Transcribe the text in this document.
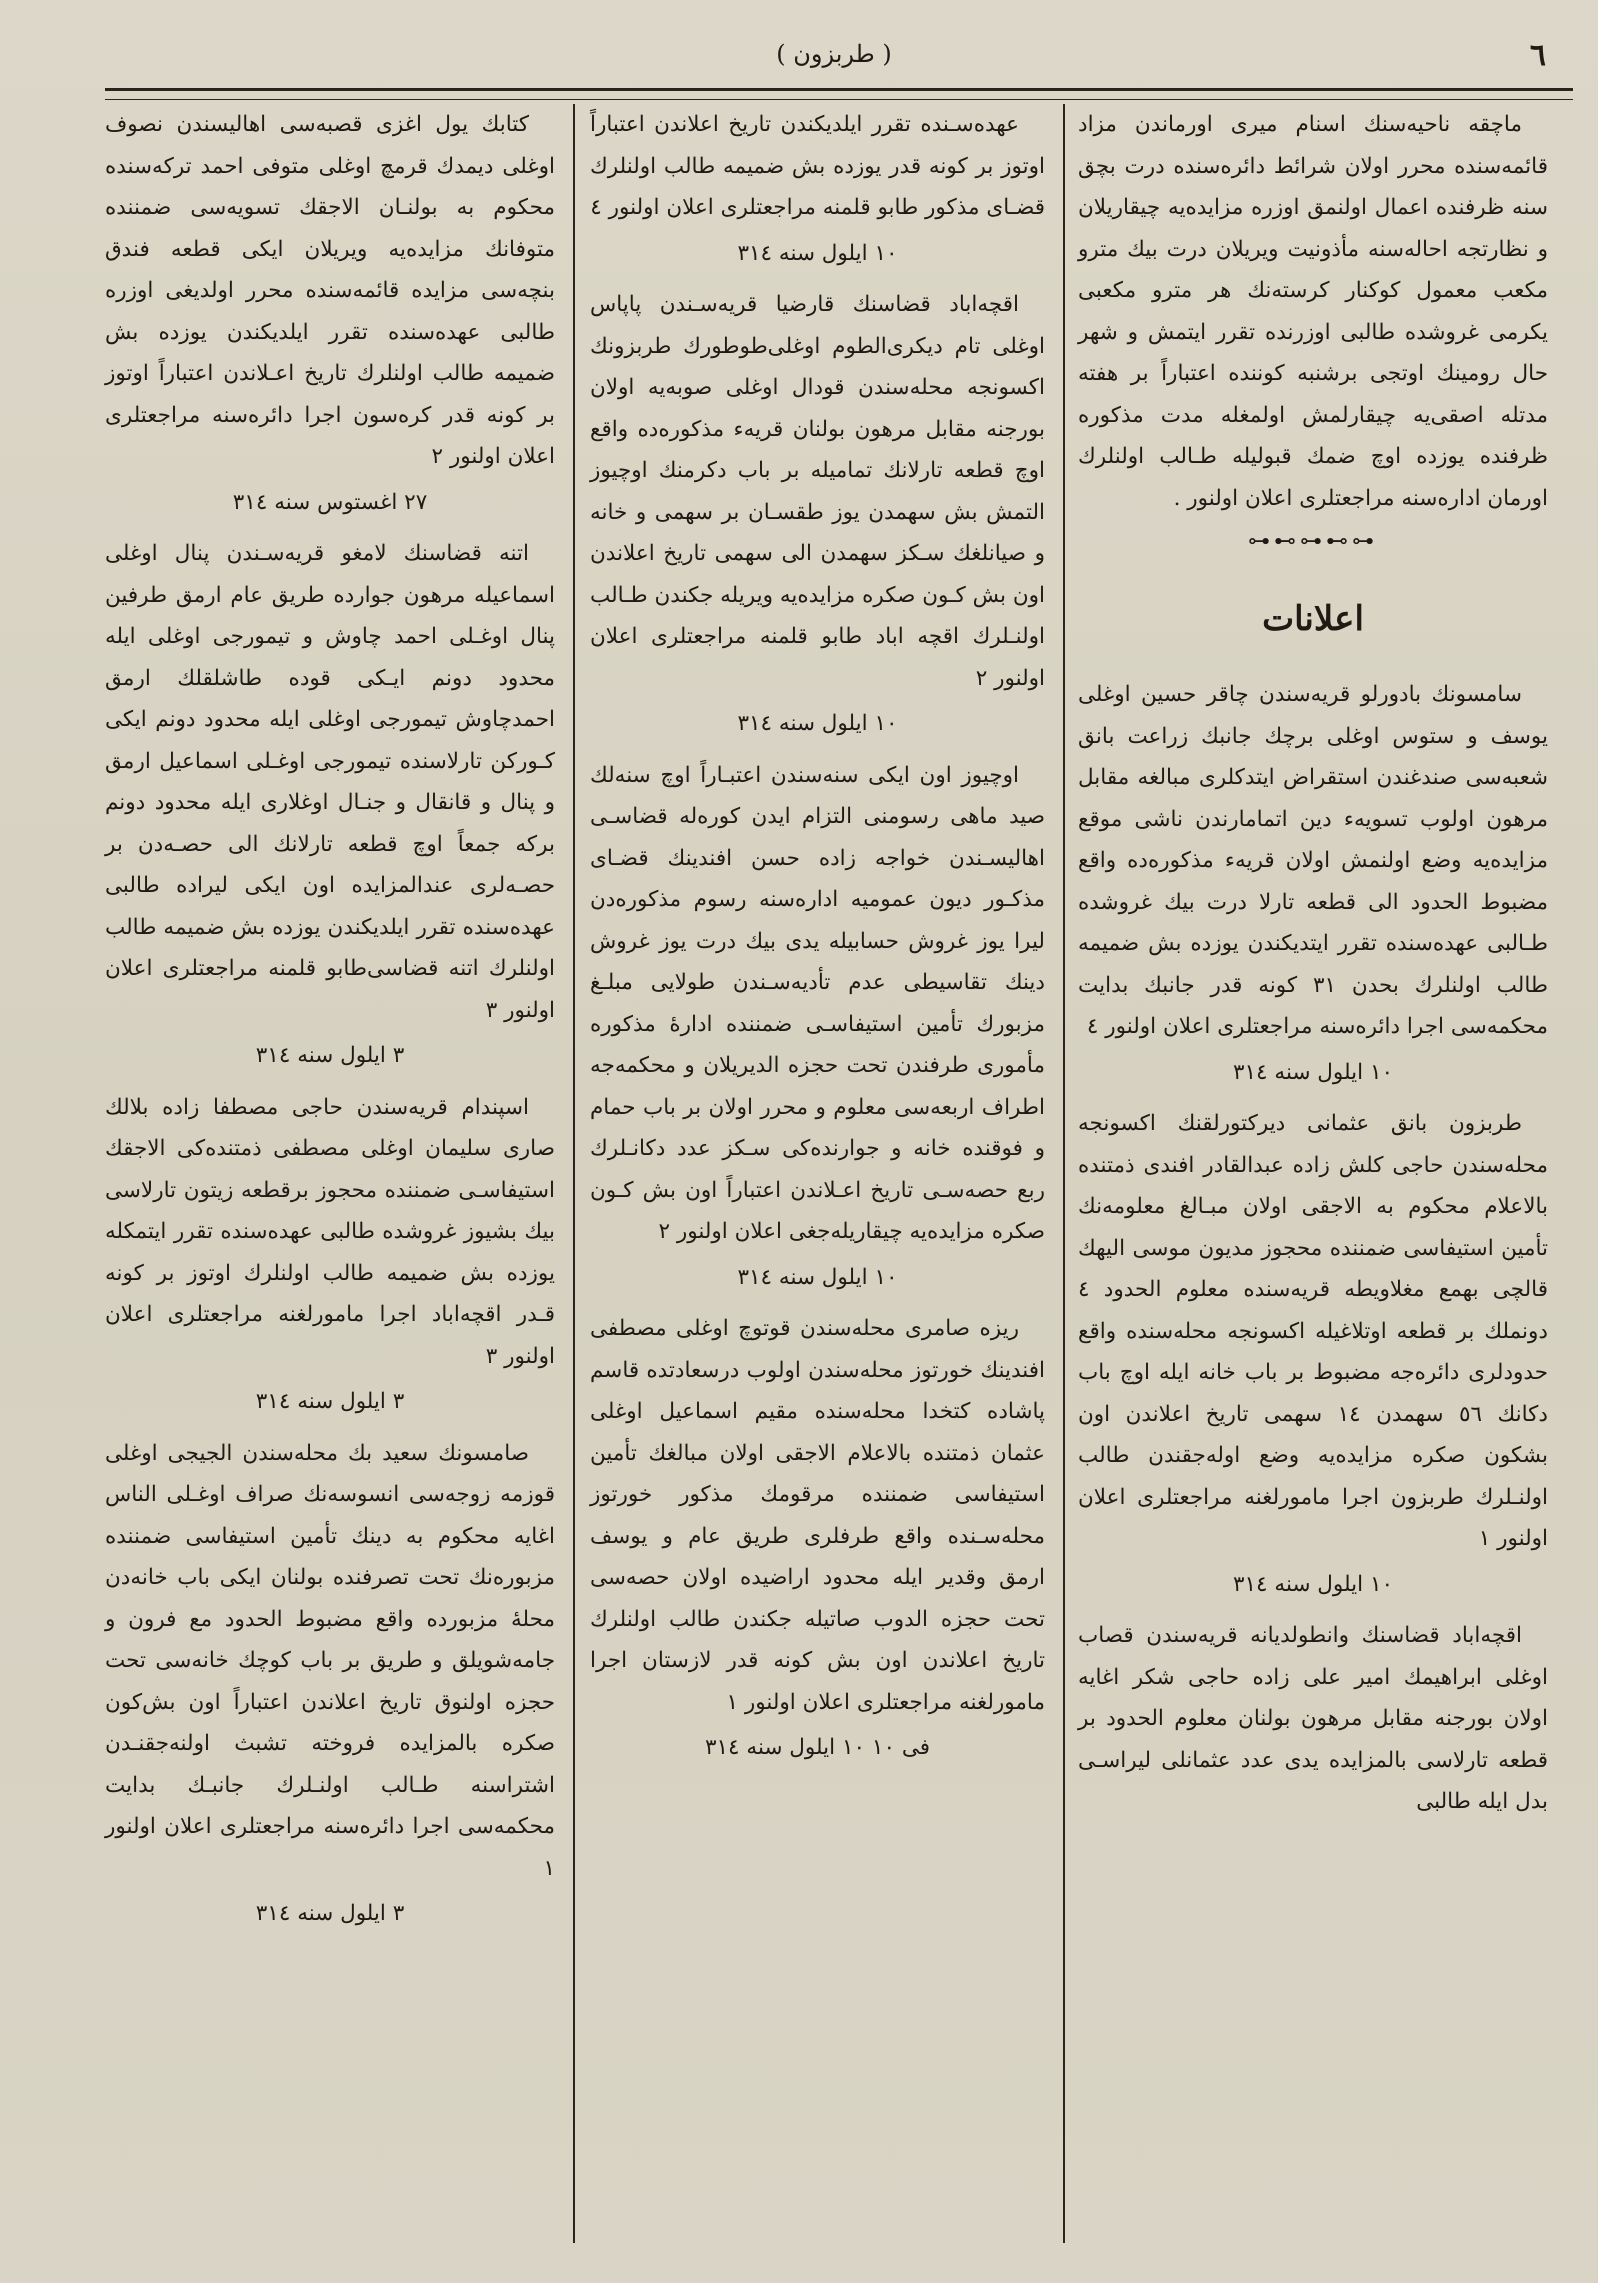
( طربزون )	٦

ماچقه ناحیه‌سنك اسنام میری اورماندن مزاد قائمه‌سنده محرر اولان شرائط دائره‌سنده درت بچق سنه ظرفنده اعمال اولنمق اوزره مزایده‌یه چیقاریلان و نظارتجه احاله‌سنه مأذونیت ویریلان درت بیك مترو مكعب معمول كوكنار كرسته‌نك هر مترو مكعبی یكرمی غروشده طالبی اوزرنده تقرر ایتمش و شهر حال رومینك اوتجی برشنبه كوننده اعتباراً بر هفته مدتله اصقی‌یه چیقارلمش اولمغله مدت مذكوره ظرفنده یوزده اوچ ضمك قبولیله طـالب اولنلرك اورمان اداره‌سنه مراجعتلری اعلان اولنور .

⊷⊶⊷⊶⊷

اعلانات

سامسونك بادورلو قریه‌سندن چاقر حسین اوغلی یوسف و ستوس اوغلی برچك جانبك زراعت بانق شعبه‌سی صندغندن استقراض ایتدكلری مبالغه مقابل مرهون اولوب تسویه‌ء دین اتمامارندن ناشی موقع مزایده‌یه وضع اولنمش اولان قریه‌ء مذكوره‌ده واقع مضبوط الحدود الی قطعه تارلا درت بیك غروشده طـالبی عهده‌سنده تقرر ایتدیكندن یوزده بش ضمیمه طالب اولنلرك بحدن ۳۱ كونه قدر جانبك بدایت محكمه‌سی اجرا دائره‌سنه مراجعتلری اعلان اولنور ٤

١٠ ایلول سنه ٣١٤

طربزون بانق عثمانی دیركتورلقنك اكسونجه محله‌سندن حاجی كلش زاده عبدالقادر افندی ذمتنده بالاعلام محكوم به الاجقی اولان مبـالغ معلومه‌نك تأمین استیفاسی ضمننده محجوز مدیون موسی الیهك قالچی بهمع مغلاویطه قریه‌سنده معلوم الحدود ٤ دونملك بر قطعه اوتلاغیله اكسونجه محله‌سنده واقع حدودلری دائره‌جه مضبوط بر باب خانه ایله اوچ باب دكانك ٥٦ سهمدن ١٤ سهمی تاریخ اعلاندن اون بشكون صكره مزایده‌یه وضع اوله‌جقندن طالب اولنـلرك طربزون اجرا مامورلغنه مراجعتلری اعلان اولنور ١

١٠ ایلول سنه ٣١٤

اقچه‌اباد قضاسنك وانطولدیانه قریه‌سندن قصاب اوغلی ابراهیمك امیر علی زاده حاجی شكر اغایه اولان بورجنه مقابل مرهون بولنان معلوم الحدود بر قطعه تارلاسی بالمزایده یدی عدد عثمانلی لیراسـی بدل ایله طالبی

عهده‌سـنده تقرر ایلدیكندن تاریخ اعلاندن اعتباراً اوتوز بر كونه قدر یوزده بش ضمیمه طالب اولنلرك قضـای مذكور طابو قلمنه مراجعتلری اعلان اولنور ٤

١٠ ایلول سنه ٣١٤

اقچه‌اباد قضاسنك قارضیا قریه‌سـندن پاپاس اوغلی تام دیكری‌الطوم اوغلی‌طوطورك طربزونك اكسونجه محله‌سندن قودال اوغلی صوبه‌یه اولان بورجنه مقابل مرهون بولنان قریه‌ء مذكوره‌ده واقع اوچ قطعه تارلانك تمامیله بر باب دكرمنك اوچیوز التمش بش سهمدن یوز طقسـان بر سهمی و خانه و صیانلغك سـكز سهمدن الی سهمی تاریخ اعلاندن اون بش كـون صكره مزایده‌یه ویریله جكندن طـالب اولنـلرك اقچه اباد طابو قلمنه مراجعتلری اعلان اولنور ٢

١٠ ایلول سنه ٣١٤

اوچیوز اون ایكی سنه‌سندن اعتبـاراً اوچ سنه‌لك صید ماهی رسومنی التزام ایدن كوره‌له قضاسـی اهالیسـندن خواجه زاده حسن افندینك قضـای مذكـور دیون عمومیه اداره‌سنه رسوم مذكوره‌دن لیرا یوز غروش حسابیله یدی بیك درت یوز غروش دینك تقاسیطی عدم تأدیه‌سـندن طولایی مبلـغ مزبورك تأمین استیفاسـی ضمننده ادارهٔ مذكوره مأموری طرفندن تحت حجزه الدیریلان و محكمه‌جه اطراف اربعه‌سی معلوم و محرر اولان بر باب حمام و فوقنده خانه و جوارنده‌كی سـكز عدد دكانـلرك ربع حصه‌سـی تاریخ اعـلاندن اعتباراً اون بش كـون صكره مزایده‌یه چیقاریله‌جغی اعلان اولنور ٢

١٠ ایلول سنه ٣١٤

ریزه صامری محله‌سندن قوتوچ اوغلی مصطفی افندینك خورتوز محله‌سندن اولوب درسعادتده قاسم پاشاده كتخدا محله‌سنده مقیم اسماعیل اوغلی عثمان ذمتنده بالاعلام الاجقی اولان مبالغك تأمین استیفاسی ضمننده مرقومك مذكور خورتوز محله‌سـنده واقع طرفلری طریق عام و یوسف ارمق وقدیر ایله محدود اراضیده اولان حصه‌سی تحت حجزه الدوب صاتیله جكندن طالب اولنلرك تاریخ اعلاندن اون بش كونه قدر لازستان اجرا مامورلغنه مراجعتلری اعلان اولنور ١

فی ١٠ ١٠ ایلول سنه ٣١٤

كتابك یول اغزی قصبه‌سی اهالیسندن نصوف اوغلی دیمدك قرمچ اوغلی متوفی احمد تركه‌سنده محكوم به بولنـان الاجقك تسویه‌سی ضمننده متوفانك مزایده‌یه ویریلان ایكی قطعه فندق بنچه‌سی مزایده قائمه‌سنده محرر اولدیغی اوزره طالبی عهده‌سنده تقرر ایلدیكندن یوزده بش ضمیمه طالب اولنلرك تاریخ اعـلاندن اعتباراً اوتوز بر كونه قدر كره‌سون اجرا دائره‌سنه مراجعتلری اعلان اولنور ٢

٢٧ اغستوس سنه ٣١٤

اتنه قضاسنك لامغو قریه‌سـندن پنال اوغلی اسماعیله مرهون جوارده طریق عام ارمق طرفین پنال اوغـلی احمد چاوش و تیمورجی اوغلی ایله محدود دونم ایـكی قوده طاشلقلك ارمق احمدچاوش تیمورجی اوغلی ایله محدود دونم ایكی كـوركن تارلاسنده تیمورجی اوغـلی اسماعیل ارمق و پنال و قانقال و جنـال اوغلاری ایله محدود دونم بركه جمعاً اوچ قطعه تارلانك الی حصـه‌دن بر حصـه‌لری عندالمزایده اون ایكی لیراده طالبی عهده‌سنده تقرر ایلدیكندن یوزده بش ضمیمه طالب اولنلرك اتنه قضاسی‌طابو قلمنه مراجعتلری اعلان اولنور ٣

٣ ایلول سنه ٣١٤

اسپندام قریه‌سندن حاجی مصطفا زاده بلالك صاری سلیمان اوغلی مصطفی ذمتنده‌كی الاجقك استیفاسـی ضمننده محجوز برقطعه زیتون تارلاسی بیك بشیوز غروشده طالبی عهده‌سنده تقرر ایتمكله یوزده بش ضمیمه طالب اولنلرك اوتوز بر كونه قـدر اقچه‌اباد اجرا مامورلغنه مراجعتلری اعلان اولنور ٣

٣ ایلول سنه ٣١٤

صامسونك سعید بك محله‌سندن الجیجی اوغلی قوزمه زوجه‌سی انسوسه‌نك صراف اوغـلی الناس اغایه محكوم به دینك تأمین استیفاسی ضمننده مزبوره‌نك تحت تصرفنده بولنان ایكی باب خانه‌دن محلهٔ مزبورده واقع مضبوط الحدود مع فرون و جامه‌شویلق و طریق بر باب كوچك خانه‌سی تحت حجزه اولنوق تاریخ اعلاندن اعتباراً اون بش‌كون صكره بالمزایده فروخته تشبث اولنه‌جقنـدن اشتراسنه طـالب اولنـلرك جانبـك بدایت محكمه‌سی اجرا دائره‌سنه مراجعتلری اعلان اولنور ١

٣ ایلول سنه ٣١٤
